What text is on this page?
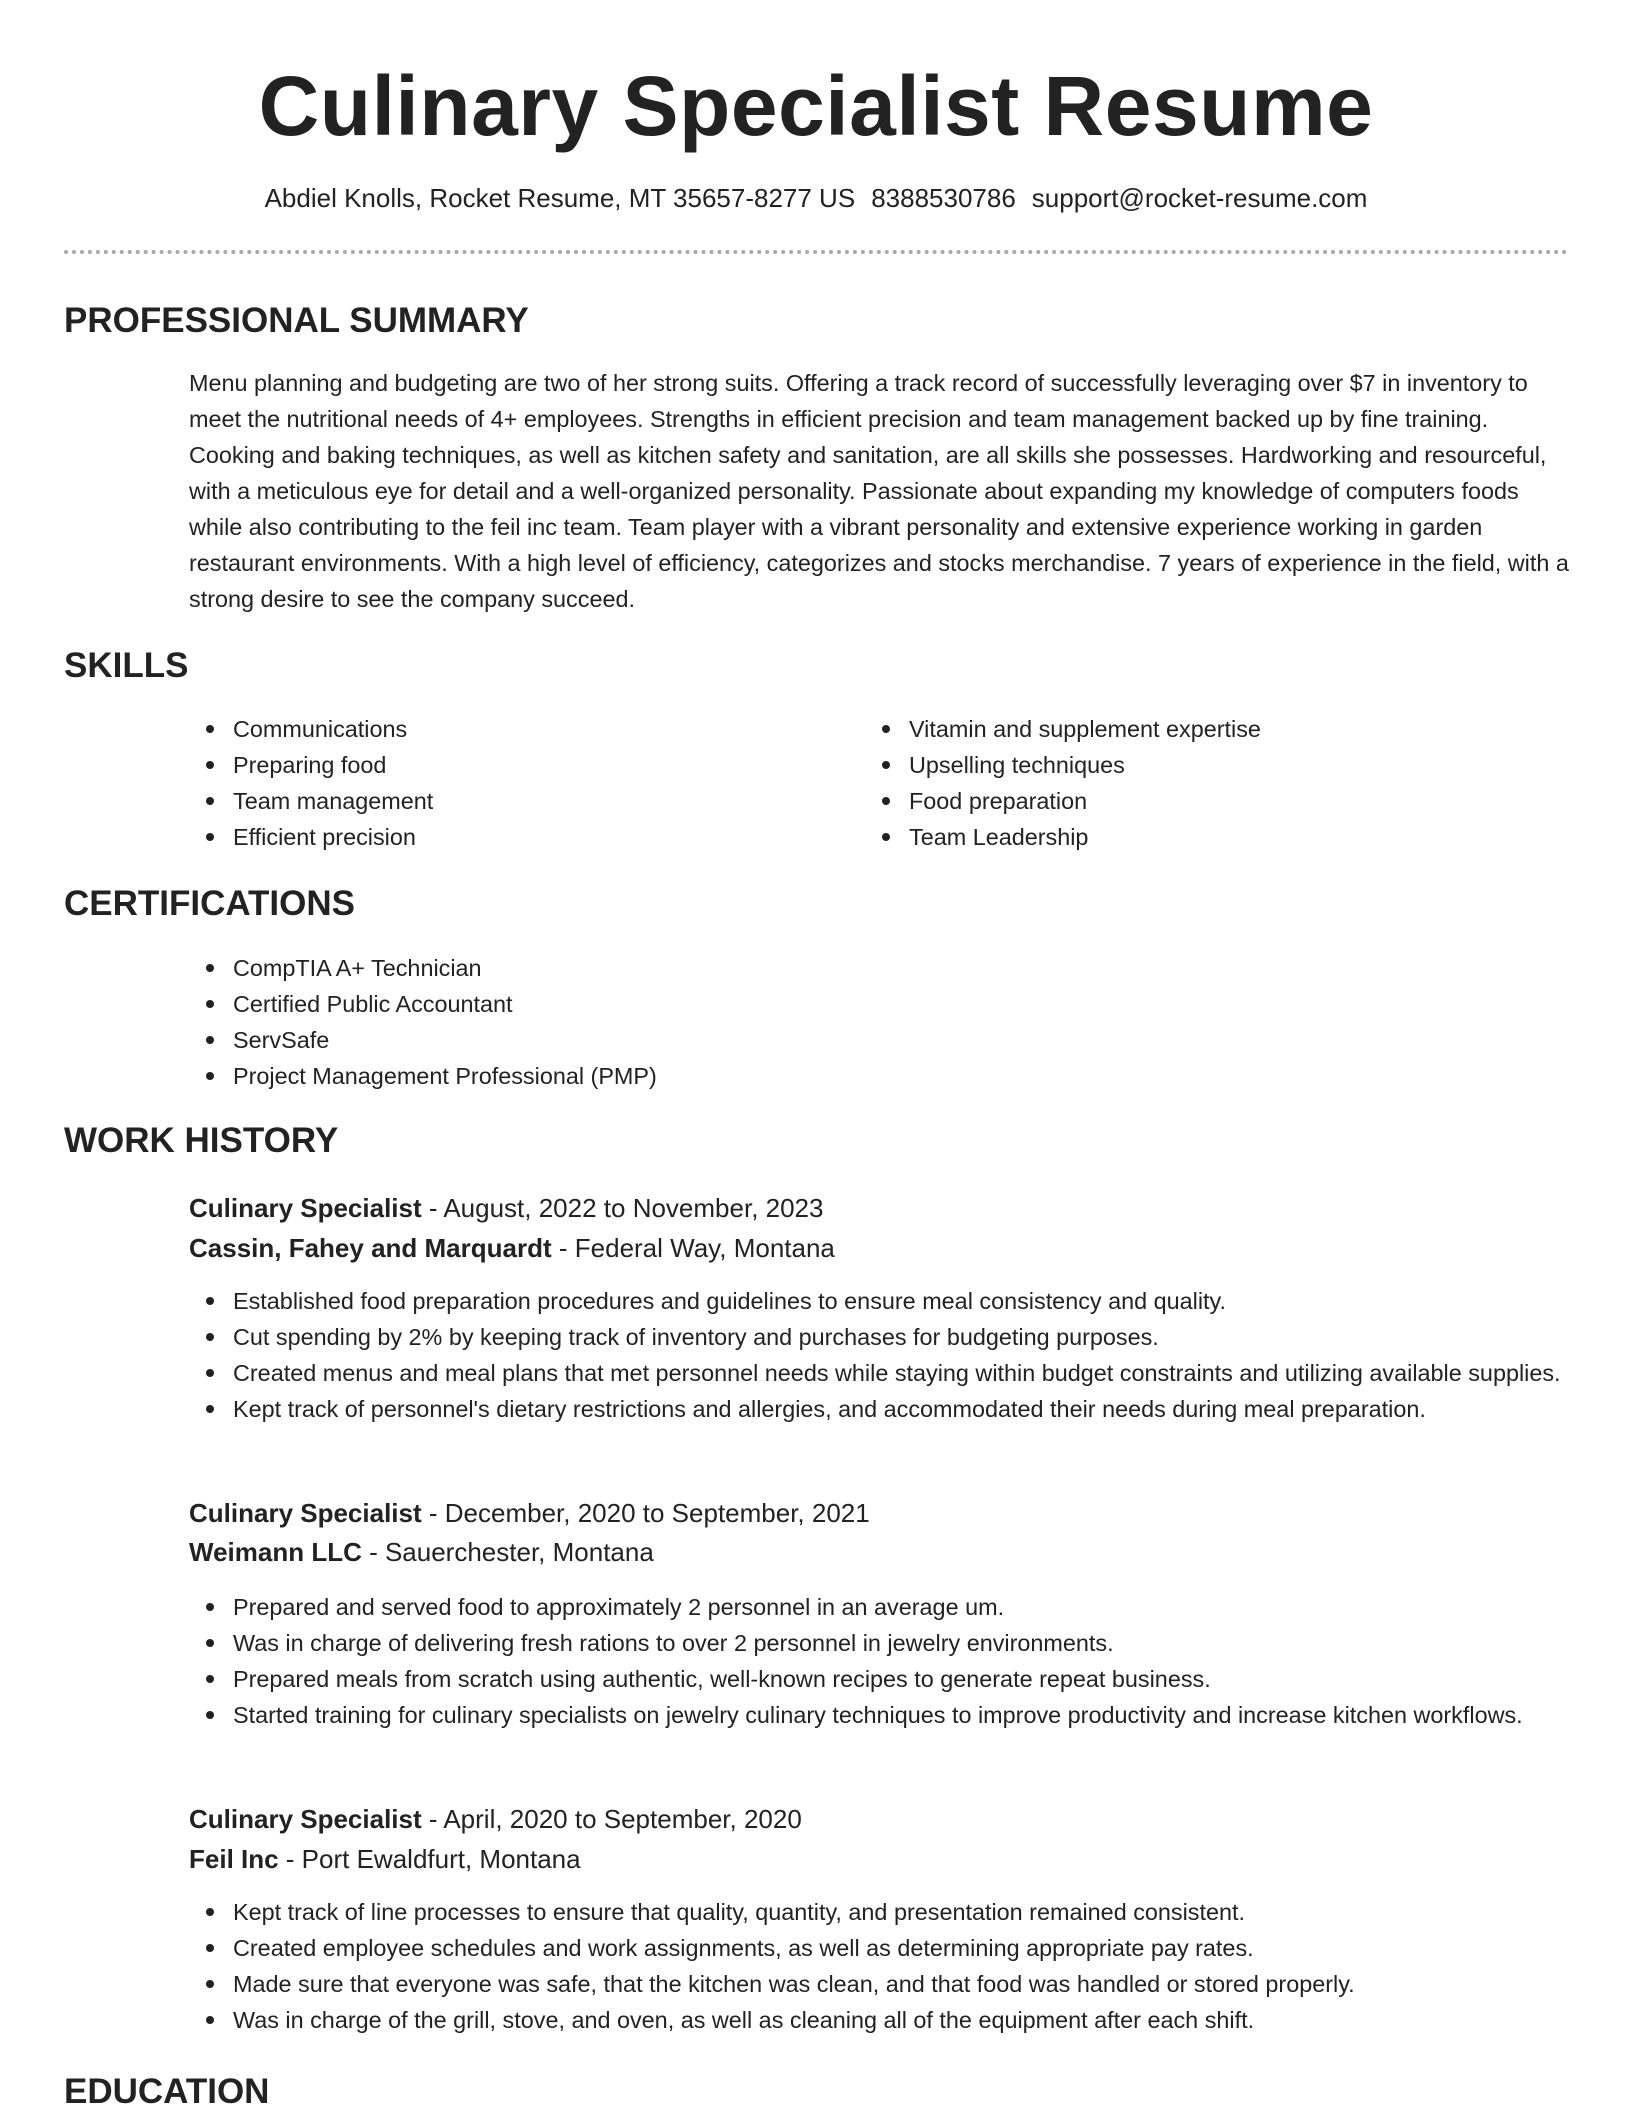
Culinary Specialist Resume
Abdiel Knolls, Rocket Resume, MT 35657-8277 US 8388530786 support@rocket-resume.com
PROFESSIONAL SUMMARY

Menu planning and budgeting are two of her strong suits. Offering a track record of successfully leveraging over $7 in inventory to meet the nutritional needs of 4+ employees. Strengths in efficient precision and team management backed up by fine training. Cooking and baking techniques, as well as kitchen safety and sanitation, are all skills she possesses. Hardworking and resourceful, with a meticulous eye for detail and a well-organized personality. Passionate about expanding my knowledge of computers foods while also contributing to the feil inc team. Team player with a vibrant personality and extensive experience working in garden restaurant environments. With a high level of efficiency, categorizes and stocks merchandise. 7 years of experience in the field, with a strong desire to see the company succeed.

SKILLS
Communications
Preparing food
Team management
Efficient precision
Vitamin and supplement expertise
Upselling techniques
Food preparation
Team Leadership
CERTIFICATIONS
CompTIA A+ Technician
Certified Public Accountant
ServSafe
Project Management Professional (PMP)
WORK HISTORY
Culinary Specialist - August, 2022 to November, 2023
Cassin, Fahey and Marquardt - Federal Way, Montana
Established food preparation procedures and guidelines to ensure meal consistency and quality.
Cut spending by 2% by keeping track of inventory and purchases for budgeting purposes.
Created menus and meal plans that met personnel needs while staying within budget constraints and utilizing available supplies.
Kept track of personnel's dietary restrictions and allergies, and accommodated their needs during meal preparation.
Culinary Specialist - December, 2020 to September, 2021
Weimann LLC - Sauerchester, Montana
Prepared and served food to approximately 2 personnel in an average um.
Was in charge of delivering fresh rations to over 2 personnel in jewelry environments.
Prepared meals from scratch using authentic, well-known recipes to generate repeat business.
Started training for culinary specialists on jewelry culinary techniques to improve productivity and increase kitchen workflows.
Culinary Specialist - April, 2020 to September, 2020
Feil Inc - Port Ewaldfurt, Montana
Kept track of line processes to ensure that quality, quantity, and presentation remained consistent.
Created employee schedules and work assignments, as well as determining appropriate pay rates.
Made sure that everyone was safe, that the kitchen was clean, and that food was handled or stored properly.
Was in charge of the grill, stove, and oven, as well as cleaning all of the equipment after each shift.
EDUCATION
